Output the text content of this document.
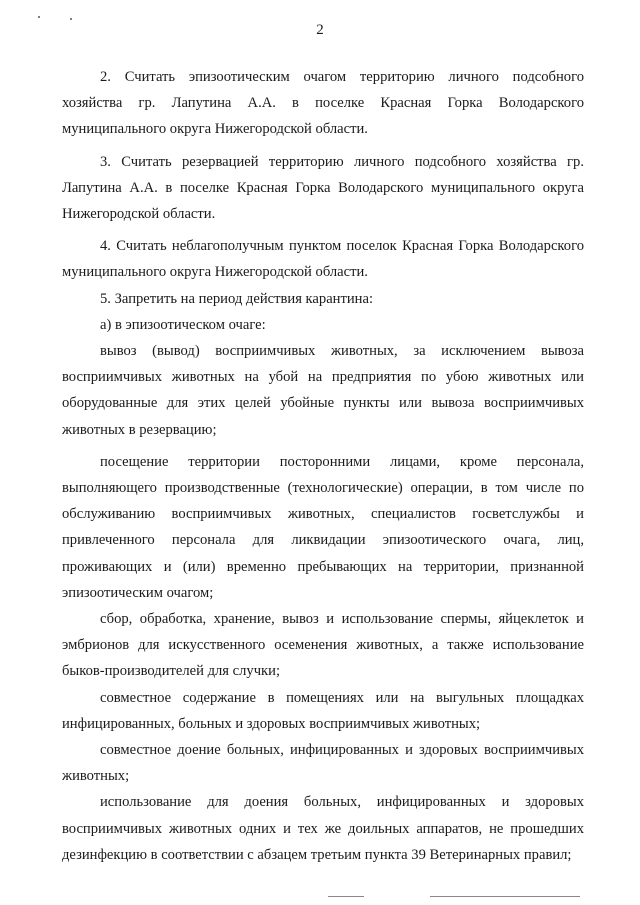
2

2. Считать эпизоотическим очагом территорию личного подсобного хозяйства гр. Лапутина А.А. в поселке Красная Горка Володарского муниципального округа Нижегородской области.

3. Считать резервацией территорию личного подсобного хозяйства гр. Лапутина А.А. в поселке Красная Горка Володарского муниципального округа Нижегородской области.

4. Считать неблагополучным пунктом поселок Красная Горка Володарского муниципального округа Нижегородской области.

5. Запретить на период действия карантина:

а) в эпизоотическом очаге:

вывоз (вывод) восприимчивых животных, за исключением вывоза восприимчивых животных на убой на предприятия по убою животных или оборудованные для этих целей убойные пункты или вывоза восприимчивых животных в резервацию;

посещение территории посторонними лицами, кроме персонала, выполняющего производственные (технологические) операции, в том числе по обслуживанию восприимчивых животных, специалистов госветслужбы и привлеченного персонала для ликвидации эпизоотического очага, лиц, проживающих и (или) временно пребывающих на территории, признанной эпизоотическим очагом;

сбор, обработка, хранение, вывоз и использование спермы, яйцеклеток и эмбрионов для искусственного осеменения животных, а также использование быков-производителей для случки;

совместное содержание в помещениях или на выгульных площадках инфицированных, больных и здоровых восприимчивых животных;

совместное доение больных, инфицированных и здоровых восприимчивых животных;

использование для доения больных, инфицированных и здоровых восприимчивых животных одних и тех же доильных аппаратов, не прошедших дезинфекцию в соответствии с абзацем третьим пункта 39 Ветеринарных правил;
